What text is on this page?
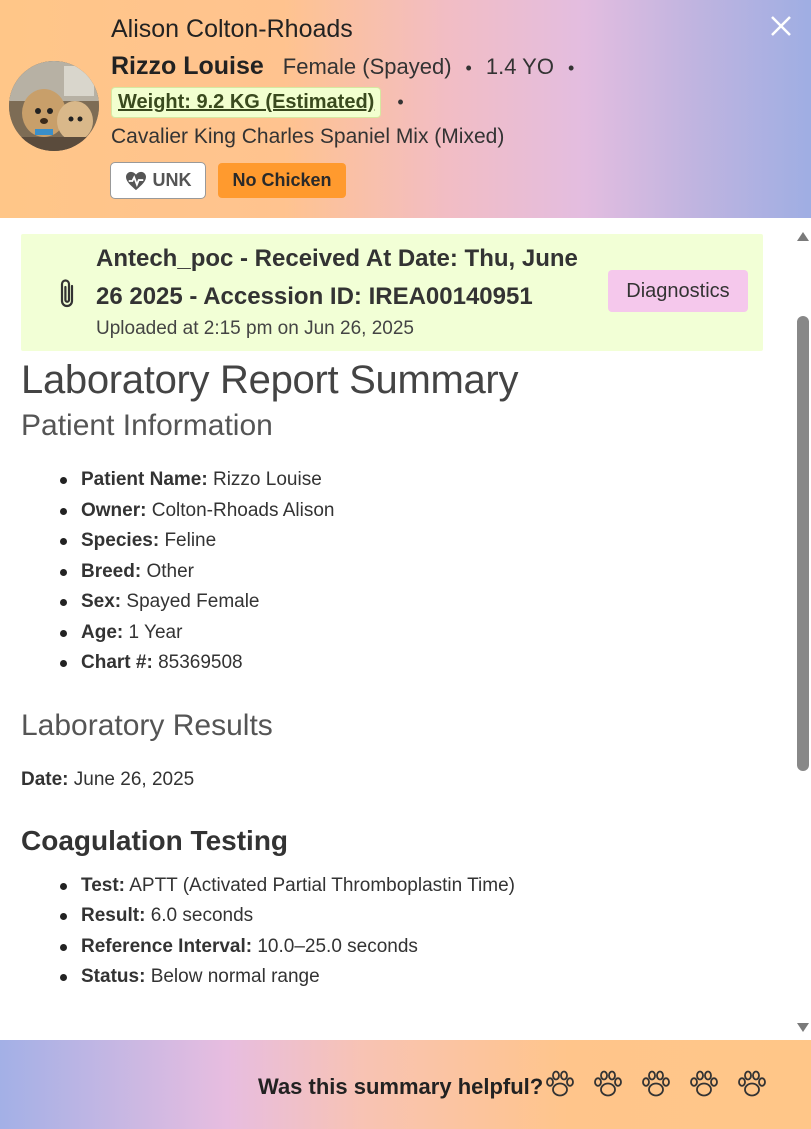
Alison Colton-Rhoads
Rizzo Louise Female (Spayed) • 1.4 YO •
Weight: 9.2 KG (Estimated)	•
Cavalier King Charles Spaniel Mix (Mixed)
UNK	No Chicken
Antech_poc - Received At Date: Thu, June 26 2025 - Accession ID: IREA00140951
Uploaded at 2:15 pm on Jun 26, 2025
Diagnostics
Laboratory Report Summary
Patient Information
Patient Name: Rizzo Louise
Owner: Colton-Rhoads Alison
Species: Feline
Breed: Other
Sex: Spayed Female
Age: 1 Year
Chart #: 85369508
Laboratory Results
Date: June 26, 2025
Coagulation Testing
Test: APTT (Activated Partial Thromboplastin Time)
Result: 6.0 seconds
Reference Interval: 10.0–25.0 seconds
Status: Below normal range
Was this summary helpful?
